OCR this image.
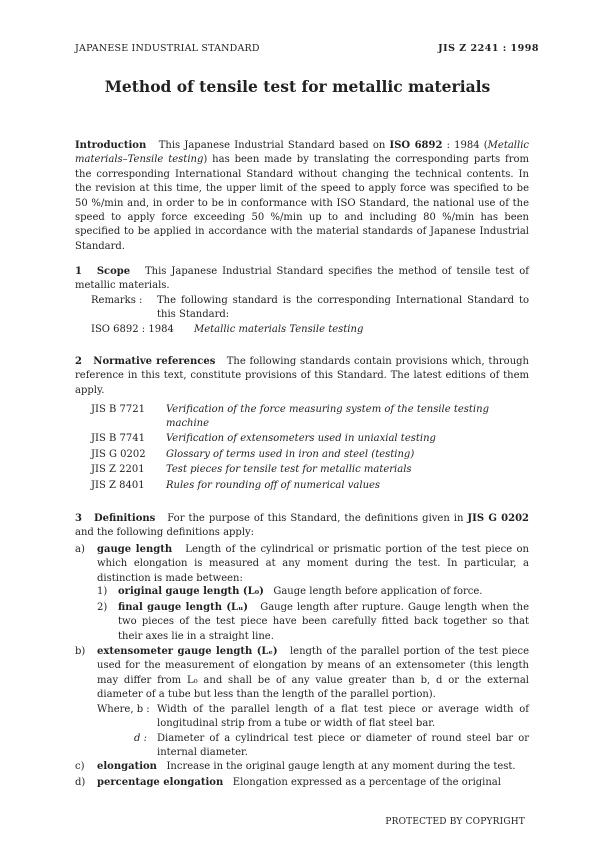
JAPANESE INDUSTRIAL STANDARD	JIS Z 2241 : 1998
Method of tensile test for metallic materials
Introduction This Japanese Industrial Standard based on ISO 6892 : 1984 (Metallic materials–Tensile testing) has been made by translating the corresponding parts from the corresponding International Standard without changing the technical contents. In the revision at this time, the upper limit of the speed to apply force was specified to be 50 %/min and, in order to be in conformance with ISO Standard, the national use of the speed to apply force exceeding 50 %/min up to and including 80 %/min has been specified to be applied in accordance with the material standards of Japanese Industrial Standard.
1 Scope This Japanese Industrial Standard specifies the method of tensile test of metallic materials.
Remarks : The following standard is the corresponding International Standard to this Standard:
ISO 6892 : 1984 Metallic materials Tensile testing
2 Normative references The following standards contain provisions which, through reference in this text, constitute provisions of this Standard. The latest editions of them apply.
JIS B 7721 Verification of the force measuring system of the tensile testing machine
JIS B 7741 Verification of extensometers used in uniaxial testing
JIS G 0202 Glossary of terms used in iron and steel (testing)
JIS Z 2201 Test pieces for tensile test for metallic materials
JIS Z 8401 Rules for rounding off of numerical values
3 Definitions For the purpose of this Standard, the definitions given in JIS G 0202 and the following definitions apply:
a) gauge length Length of the cylindrical or prismatic portion of the test piece on which elongation is measured at any moment during the test. In particular, a distinction is made between:
1) original gauge length (L₀) Gauge length before application of force.
2) final gauge length (Lᵤ) Gauge length after rupture. Gauge length when the two pieces of the test piece have been carefully fitted back together so that their axes lie in a straight line.
b) extensometer gauge length (Lₑ) length of the parallel portion of the test piece used for the measurement of elongation by means of an extensometer (this length may differ from L₀ and shall be of any value greater than b, d or the external diameter of a tube but less than the length of the parallel portion).
Where, b : Width of the parallel length of a flat test piece or average width of longitudinal strip from a tube or width of flat steel bar.
d : Diameter of a cylindrical test piece or diameter of round steel bar or internal diameter.
c) elongation Increase in the original gauge length at any moment during the test.
d) percentage elongation Elongation expressed as a percentage of the original
PROTECTED BY COPYRIGHT
